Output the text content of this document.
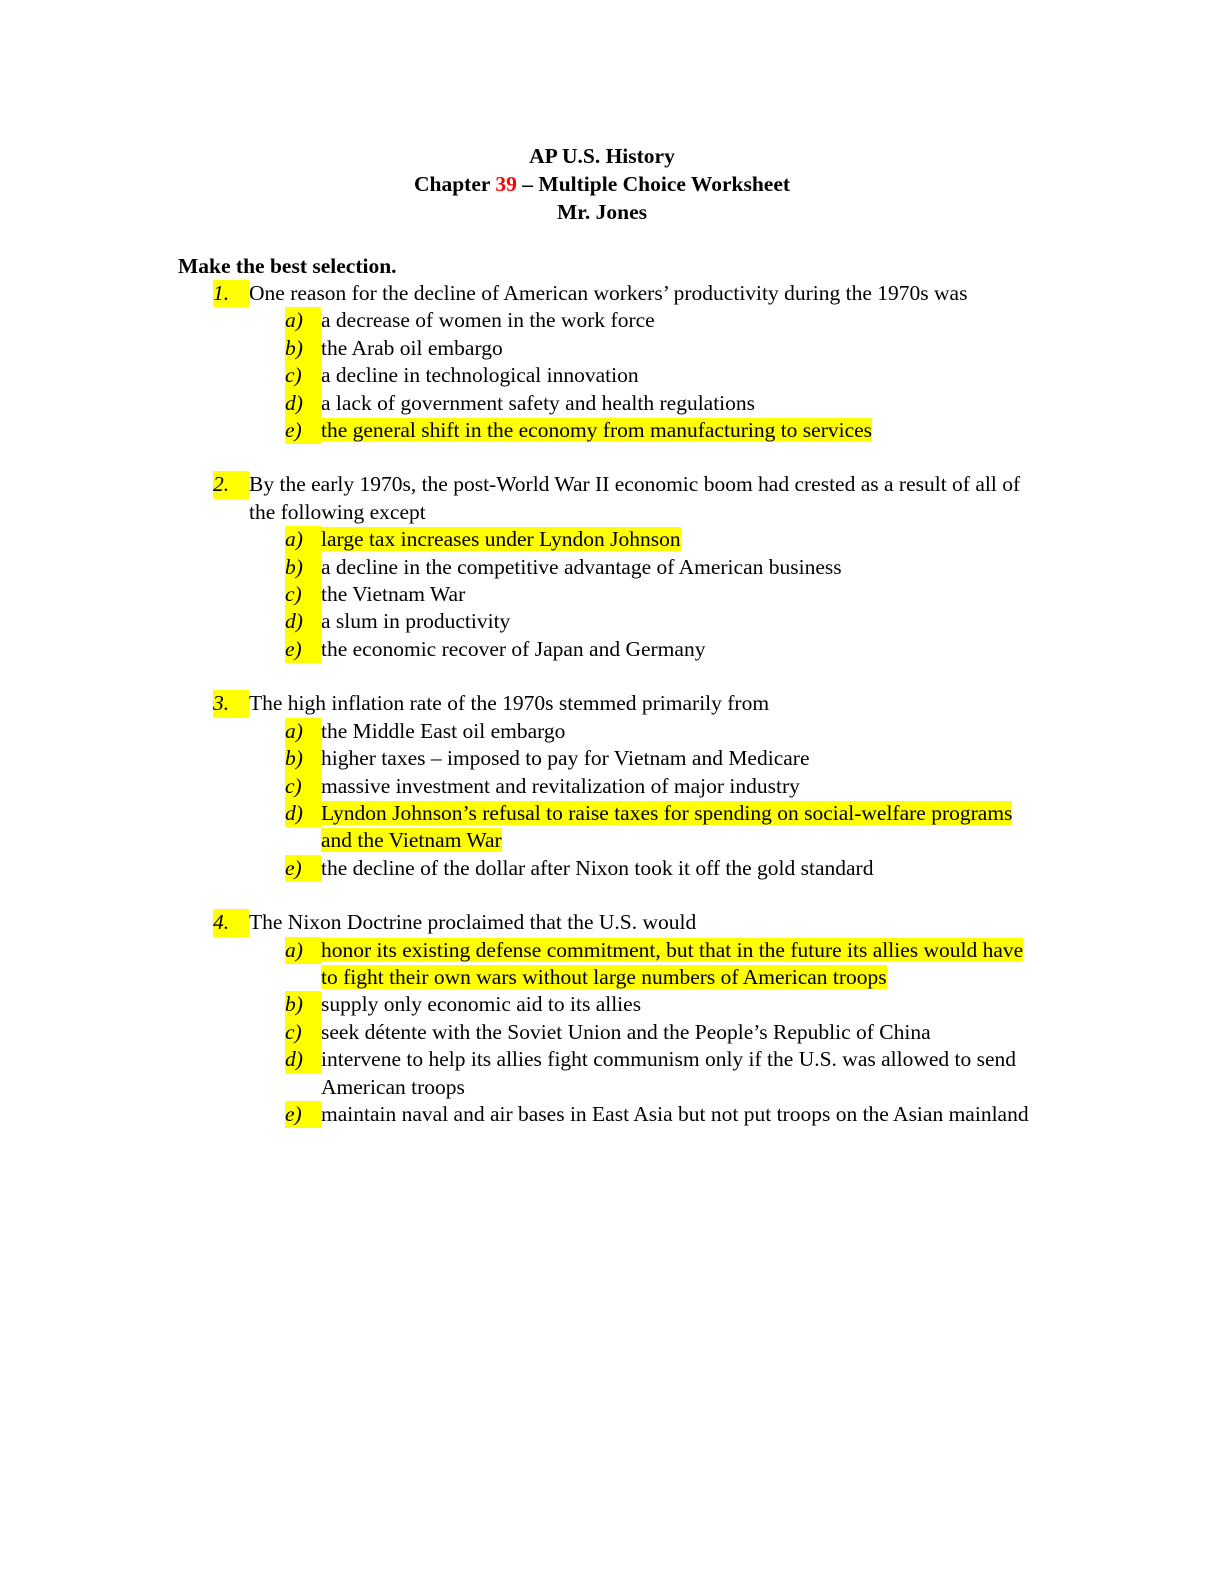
AP U.S. History
Chapter 39 – Multiple Choice Worksheet
Mr. Jones
Make the best selection.
1. One reason for the decline of American workers’ productivity during the 1970s was
a) a decrease of women in the work force
b) the Arab oil embargo
c) a decline in technological innovation
d) a lack of government safety and health regulations
e) the general shift in the economy from manufacturing to services
2. By the early 1970s, the post-World War II economic boom had crested as a result of all of the following except
a) large tax increases under Lyndon Johnson
b) a decline in the competitive advantage of American business
c) the Vietnam War
d) a slum in productivity
e) the economic recover of Japan and Germany
3. The high inflation rate of the 1970s stemmed primarily from
a) the Middle East oil embargo
b) higher taxes – imposed to pay for Vietnam and Medicare
c) massive investment and revitalization of major industry
d) Lyndon Johnson’s refusal to raise taxes for spending on social-welfare programs and the Vietnam War
e) the decline of the dollar after Nixon took it off the gold standard
4. The Nixon Doctrine proclaimed that the U.S. would
a) honor its existing defense commitment, but that in the future its allies would have to fight their own wars without large numbers of American troops
b) supply only economic aid to its allies
c) seek détente with the Soviet Union and the People’s Republic of China
d) intervene to help its allies fight communism only if the U.S. was allowed to send American troops
e) maintain naval and air bases in East Asia but not put troops on the Asian mainland
